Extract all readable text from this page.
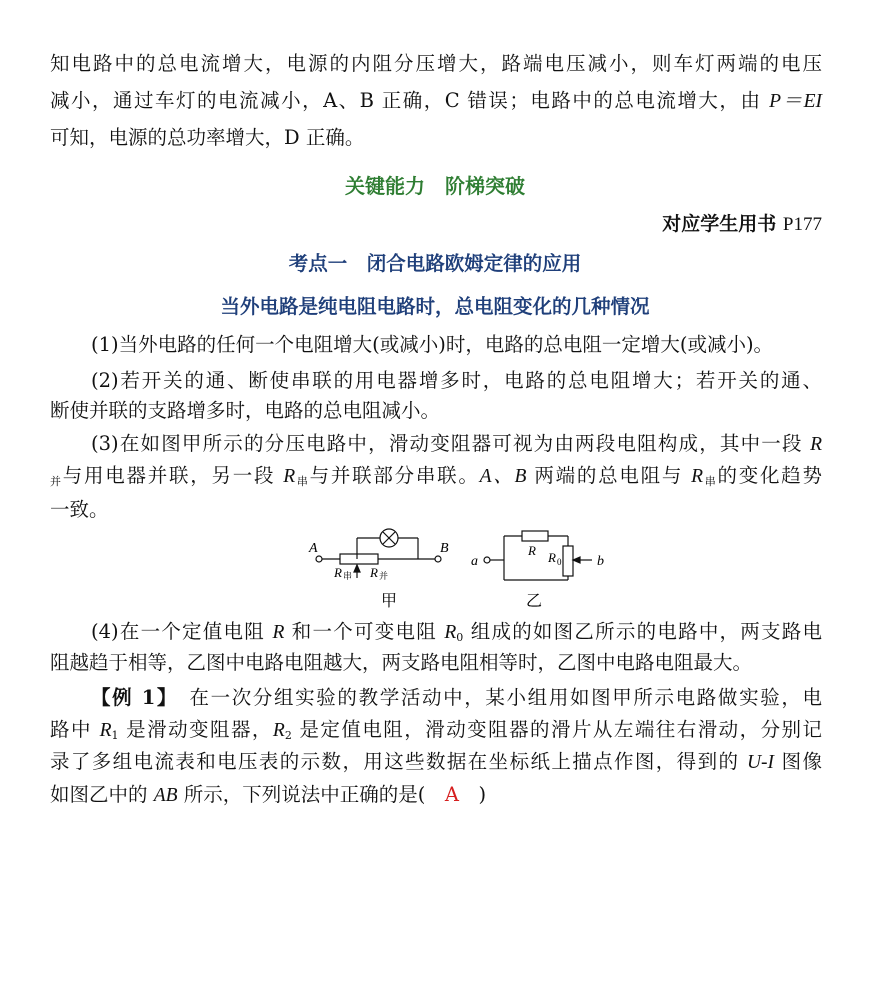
知电路中的总电流增大，电源的内阻分压增大，路端电压减小，则车灯两端的电压
减小，通过车灯的电流减小，A、B 正确，C 错误；电路中的总电流增大，由 P＝EI
可知，电源的总功率增大，D 正确。
关键能力　阶梯突破
对应学生用书 P177
考点一　闭合电路欧姆定律的应用
当外电路是纯电阻电路时，总电阻变化的几种情况
(1)当外电路的任何一个电阻增大(或减小)时，电路的总电阻一定增大(或减小)。
(2)若开关的通、断使串联的用电器增多时，电路的总电阻增大；若开关的通、
断使并联的支路增多时，电路的总电阻减小。
(3)在如图甲所示的分压电路中，滑动变阻器可视为由两段电阻构成，其中一段 R
$_并$与用电器并联，另一段 $R_串$与并联部分串联。A、B 两端的总电阻与 $R_串$的变化趋势
一致。
A	B
R 串 R 并
甲
a	b
R R 0
乙
(4)在一个定值电阻 R 和一个可变电阻 $R_0$ 组成的如图乙所示的电路中，两支路电
阻越趋于相等，乙图中电路电阻越大，两支路电阻相等时，乙图中电路电阻最大。
【例 1】　在一次分组实验的教学活动中，某小组用如图甲所示电路做实验，电
路中 $R_1$ 是滑动变阻器，$R_2$ 是定值电阻，滑动变阻器的滑片从左端往右滑动，分别记
录了多组电流表和电压表的示数，用这些数据在坐标纸上描点作图，得到的 U-I 图像
如图乙中的 AB 所示，下列说法中正确的是(　A　)
